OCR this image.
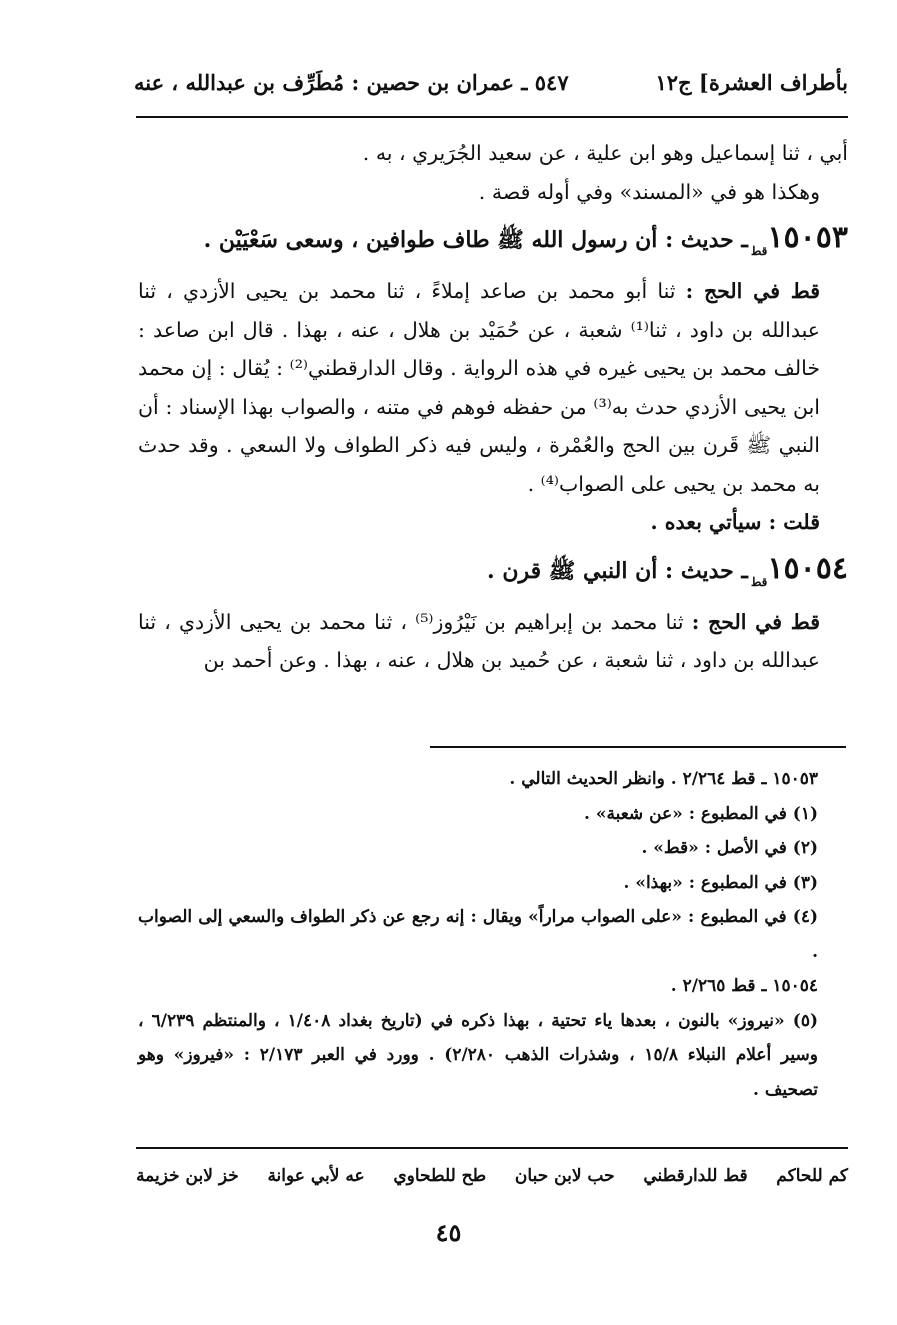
بأطراف العشرة] ج١٢
٥٤٧ ـ عمران بن حصين : مُطَرِّف بن عبدالله ، عنه

أبي ، ثنا إسماعيل وهو ابن علية ، عن سعيد الجُرَيري ، به .

وهكذا هو في «المسند» وفي أوله قصة .

$١٥٠٥٣_{قط}ـ$ حديث : أن رسول الله ﷺ طاف طوافين ، وسعى سَعْيَيْن .

قط في الحج : ثنا أبو محمد بن صاعد إملاءً ، ثنا محمد بن يحيى الأزدي ، ثنا عبدالله بن داود ، ثنا⁽¹⁾ شعبة ، عن حُمَيْد بن هلال ، عنه ، بهذا . قال ابن صاعد : خالف محمد بن يحيى غيره في هذه الرواية . وقال الدارقطني⁽²⁾ : يُقال : إن محمد ابن يحيى الأزدي حدث به⁽³⁾ من حفظه فوهم في متنه ، والصواب بهذا الإسناد : أن النبي ﷺ قَرن بين الحج والعُمْرة ، وليس فيه ذكر الطواف ولا السعي . وقد حدث به محمد بن يحيى على الصواب⁽⁴⁾ .

قلت : سيأتي بعده .

$١٥٠٥٤_{قط}ـ$ حديث : أن النبي ﷺ قرن .

قط في الحج : ثنا محمد بن إبراهيم بن نَيْرُوز⁽⁵⁾ ، ثنا محمد بن يحيى الأزدي ، ثنا عبدالله بن داود ، ثنا شعبة ، عن حُميد بن هلال ، عنه ، بهذا . وعن أحمد بن

١٥٠٥٣ ـ قط ٢/٢٦٤ . وانظر الحديث التالي .

(١) في المطبوع : «عن شعبة» .

(٢) في الأصل : «قط» .

(٣) في المطبوع : «بهذا» .

(٤) في المطبوع : «على الصواب مراراً» ويقال : إنه رجع عن ذكر الطواف والسعي إلى الصواب .

١٥٠٥٤ ـ قط ٢/٢٦٥ .

(٥) «نيروز» بالنون ، بعدها ياء تحتية ، بهذا ذكره في (تاريخ بغداد ١/٤٠٨ ، والمنتظم ٦/٢٣٩ ، وسير أعلام النبلاء ١٥/٨ ، وشذرات الذهب ٢/٢٨٠) . وورد في العبر ٢/١٧٣ : «فيروز» وهو تصحيف .

كم للحاكم
قط للدارقطني
حب لابن حبان
طح للطحاوي
عه لأبي عوانة
خز لابن خزيمة
٤٥
